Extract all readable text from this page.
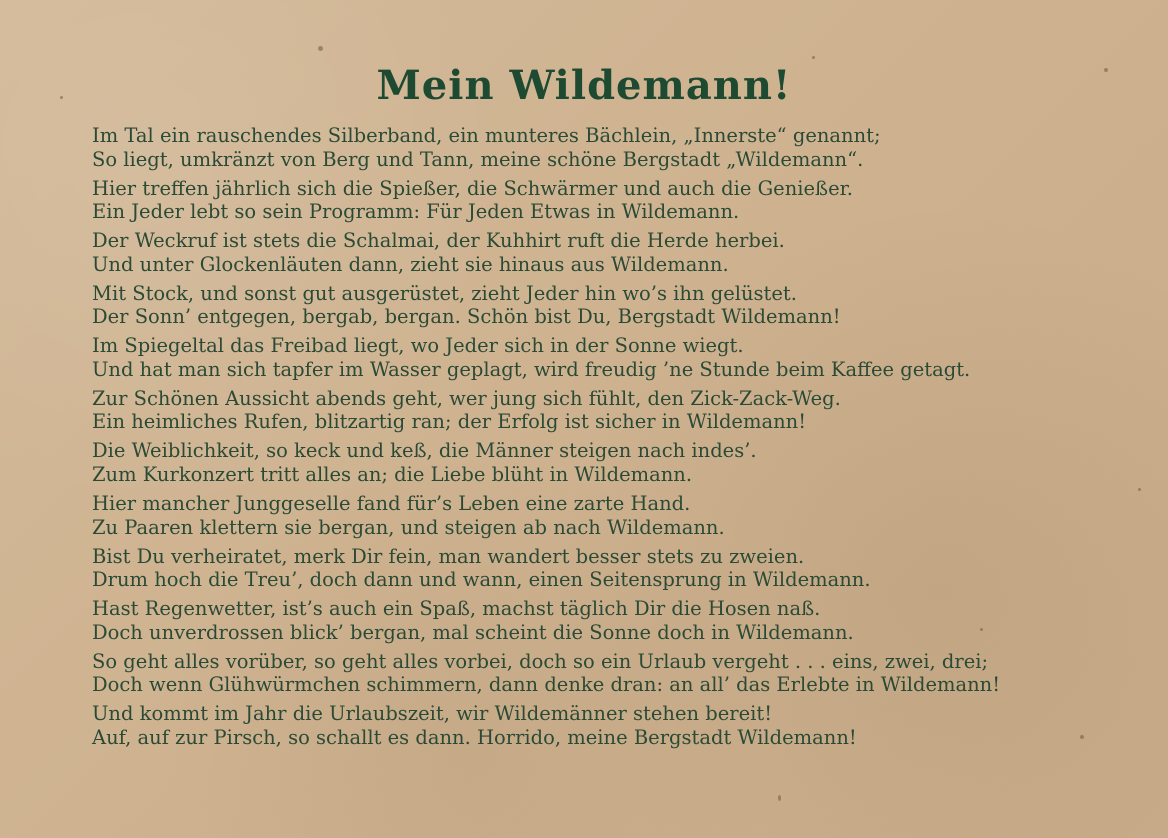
Mein Wildemann!
Im Tal ein rauschendes Silberband, ein munteres Bächlein, „Innerste“ genannt;
So liegt, umkränzt von Berg und Tann, meine schöne Bergstadt „Wildemann“.
Hier treffen jährlich sich die Spießer, die Schwärmer und auch die Genießer.
Ein Jeder lebt so sein Programm: Für Jeden Etwas in Wildemann.
Der Weckruf ist stets die Schalmai, der Kuhhirt ruft die Herde herbei.
Und unter Glockenläuten dann, zieht sie hinaus aus Wildemann.
Mit Stock, und sonst gut ausgerüstet, zieht Jeder hin wo’s ihn gelüstet.
Der Sonn’ entgegen, bergab, bergan. Schön bist Du, Bergstadt Wildemann!
Im Spiegeltal das Freibad liegt, wo Jeder sich in der Sonne wiegt.
Und hat man sich tapfer im Wasser geplagt, wird freudig ’ne Stunde beim Kaffee getagt.
Zur Schönen Aussicht abends geht, wer jung sich fühlt, den Zick-Zack-Weg.
Ein heimliches Rufen, blitzartig ran; der Erfolg ist sicher in Wildemann!
Die Weiblichkeit, so keck und keß, die Männer steigen nach indes’.
Zum Kurkonzert tritt alles an; die Liebe blüht in Wildemann.
Hier mancher Junggeselle fand für’s Leben eine zarte Hand.
Zu Paaren klettern sie bergan, und steigen ab nach Wildemann.
Bist Du verheiratet, merk Dir fein, man wandert besser stets zu zweien.
Drum hoch die Treu’, doch dann und wann, einen Seitensprung in Wildemann.
Hast Regenwetter, ist’s auch ein Spaß, machst täglich Dir die Hosen naß.
Doch unverdrossen blick’ bergan, mal scheint die Sonne doch in Wildemann.
So geht alles vorüber, so geht alles vorbei, doch so ein Urlaub vergeht . . . eins, zwei, drei;
Doch wenn Glühwürmchen schimmern, dann denke dran: an all’ das Erlebte in Wildemann!
Und kommt im Jahr die Urlaubszeit, wir Wildemänner stehen bereit!
Auf, auf zur Pirsch, so schallt es dann. Horrido, meine Bergstadt Wildemann!
